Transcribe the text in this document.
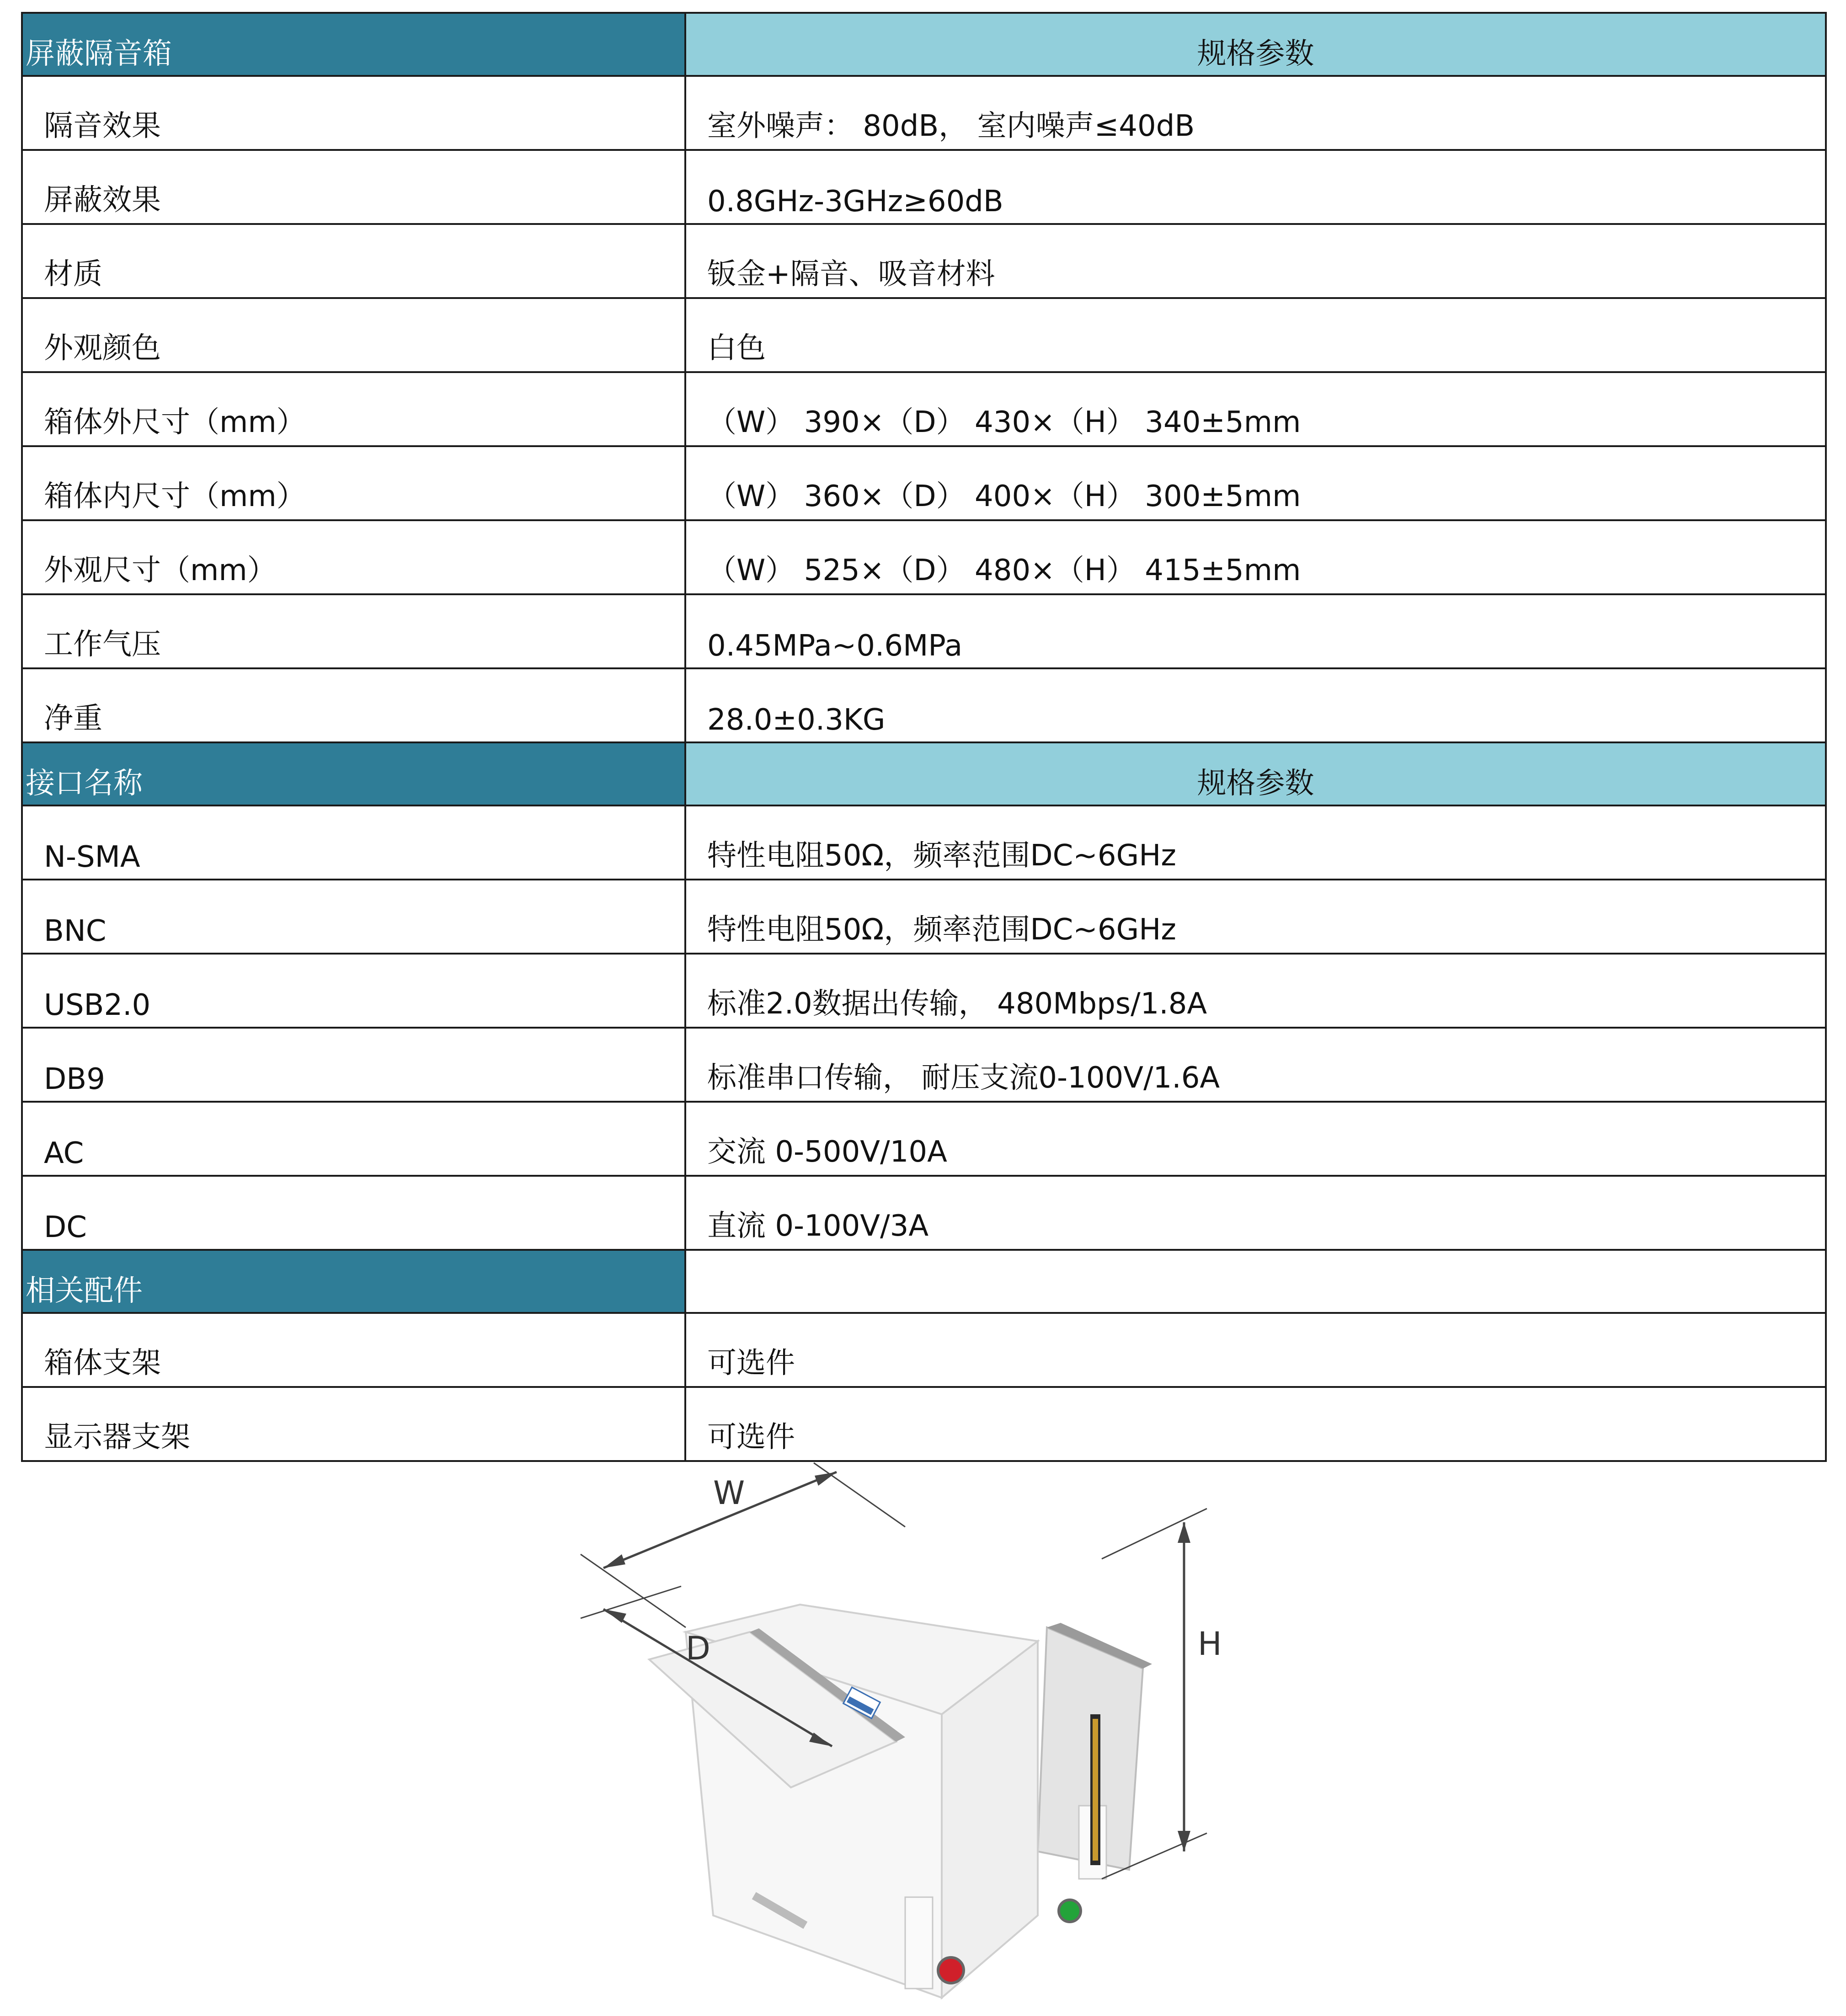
屏蔽隔音箱	规格参数
隔音效果	室外噪声： 80dB， 室内噪声≤40dB
屏蔽效果	0.8GHz-3GHz≥60dB
材质	钣金+隔音、吸音材料
外观颜色	白色
箱体外尺寸（mm）	（W） 390×（D） 430×（H） 340±5mm
箱体内尺寸（mm）	（W） 360×（D） 400×（H） 300±5mm
外观尺寸（mm）	（W） 525×（D） 480×（H） 415±5mm
工作气压	0.45MPa~0.6MPa
净重	28.0±0.3KG
接口名称	规格参数
N-SMA	特性电阻50Ω，频率范围DC~6GHz
BNC	特性电阻50Ω，频率范围DC~6GHz
USB2.0	标准2.0数据出传输， 480Mbps/1.8A
DB9	标准串口传输， 耐压支流0-100V/1.6A
AC	交流 0-500V/10A
DC	直流 0-100V/3A
相关配件	
箱体支架	可选件
显示器支架	可选件
W
D	H
